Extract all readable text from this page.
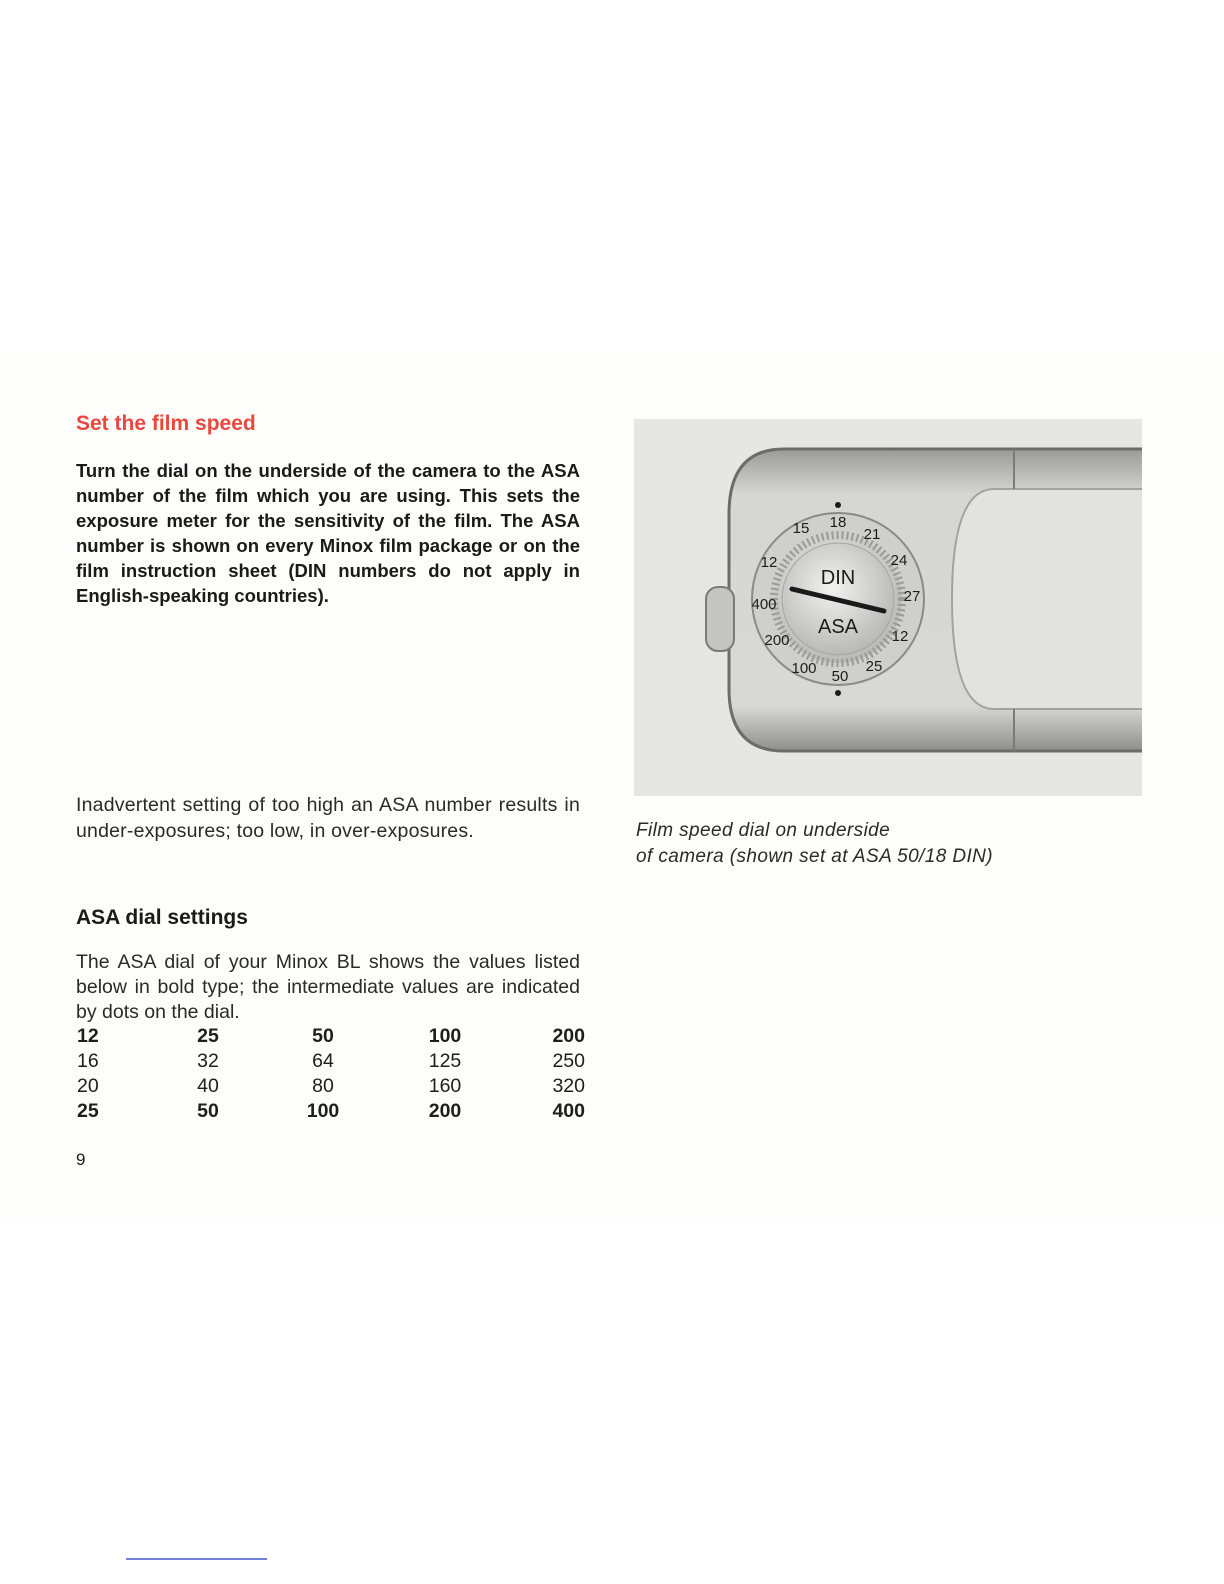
Set the film speed

Turn the dial on the underside of the camera to the ASA number of the film which you are using. This sets the exposure meter for the sensitivity of the film. The ASA number is shown on every Minox film package or on the film instruction sheet (DIN numbers do not apply in English-speaking countries).

Inadvertent setting of too high an ASA number results in under-exposures; too low, in over-exposures.

ASA dial settings

The ASA dial of your Minox BL shows the values listed below in bold type; the intermediate values are indicated by dots on the dial.

12	25	50	100	200
16	32	64	125	250
20	40	80	160	320
25	50	100	200	400

9

DIN
ASA
12
15 18
21
24
27
400
200
100 50
25
12

Film speed dial on underside
of camera (shown set at ASA 50/18 DIN)
